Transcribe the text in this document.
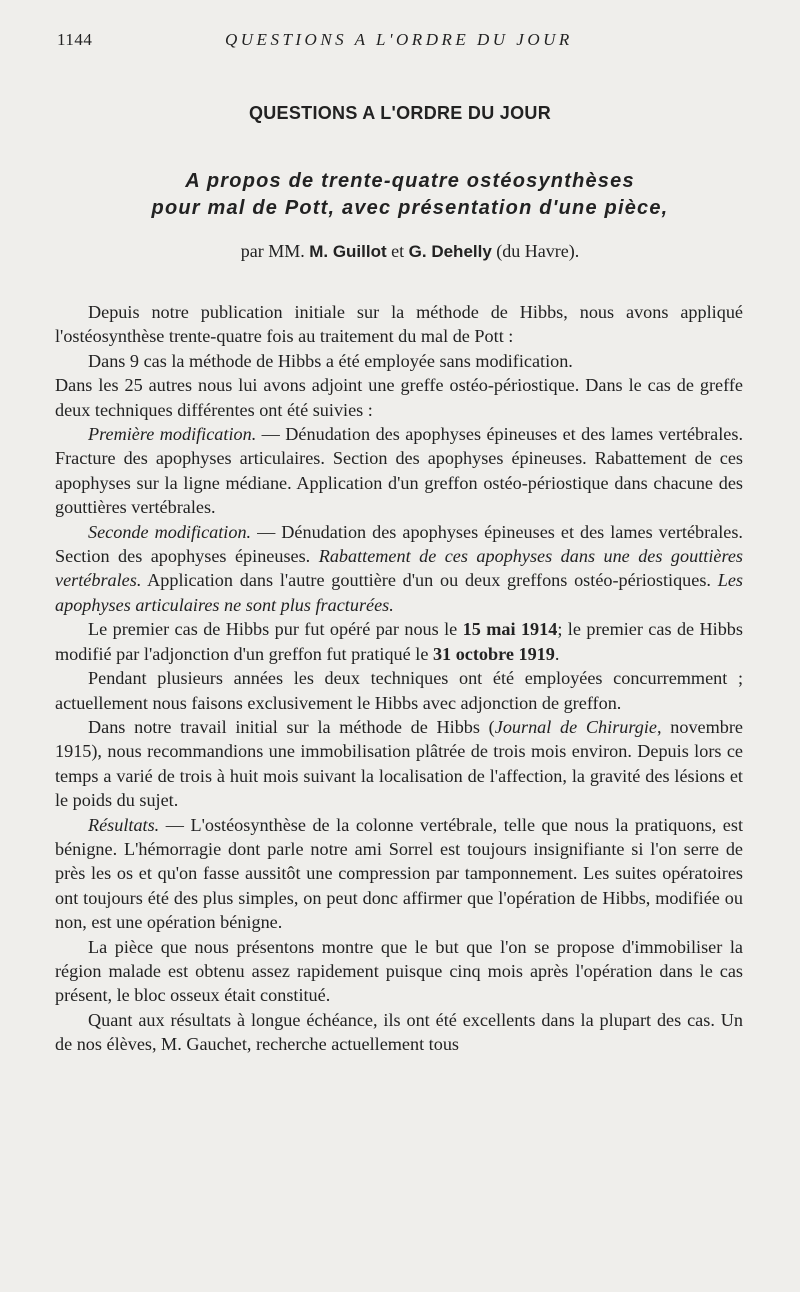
1144	QUESTIONS A L'ORDRE DU JOUR
QUESTIONS A L'ORDRE DU JOUR
A propos de trente-quatre ostéosynthèses
pour mal de Pott, avec présentation d'une pièce,
par MM. M. Guillot et G. Dehelly (du Havre).

Depuis notre publication initiale sur la méthode de Hibbs, nous avons appliqué l'ostéosynthèse trente-quatre fois au traitement du mal de Pott :

Dans 9 cas la méthode de Hibbs a été employée sans modification.

Dans les 25 autres nous lui avons adjoint une greffe ostéo-périostique. Dans le cas de greffe deux techniques différentes ont été suivies :

Première modification. — Dénudation des apophyses épineuses et des lames vertébrales. Fracture des apophyses articulaires. Section des apophyses épineuses. Rabattement de ces apophyses sur la ligne médiane. Application d'un greffon ostéo-périostique dans chacune des gouttières vertébrales.

Seconde modification. — Dénudation des apophyses épineuses et des lames vertébrales. Section des apophyses épineuses. Rabattement de ces apophyses dans une des gouttières vertébrales. Application dans l'autre gouttière d'un ou deux greffons ostéo-périostiques. Les apophyses articulaires ne sont plus fracturées.

Le premier cas de Hibbs pur fut opéré par nous le 15 mai 1914; le premier cas de Hibbs modifié par l'adjonction d'un greffon fut pratiqué le 31 octobre 1919.

Pendant plusieurs années les deux techniques ont été employées concurremment ; actuellement nous faisons exclusivement le Hibbs avec adjonction de greffon.

Dans notre travail initial sur la méthode de Hibbs (Journal de Chirurgie, novembre 1915), nous recommandions une immobilisation plâtrée de trois mois environ. Depuis lors ce temps a varié de trois à huit mois suivant la localisation de l'affection, la gravité des lésions et le poids du sujet.

Résultats. — L'ostéosynthèse de la colonne vertébrale, telle que nous la pratiquons, est bénigne. L'hémorragie dont parle notre ami Sorrel est toujours insignifiante si l'on serre de près les os et qu'on fasse aussitôt une compression par tamponnement. Les suites opératoires ont toujours été des plus simples, on peut donc affirmer que l'opération de Hibbs, modifiée ou non, est une opération bénigne.

La pièce que nous présentons montre que le but que l'on se propose d'immobiliser la région malade est obtenu assez rapidement puisque cinq mois après l'opération dans le cas présent, le bloc osseux était constitué.

Quant aux résultats à longue échéance, ils ont été excellents dans la plupart des cas. Un de nos élèves, M. Gauchet, recherche actuellement tous
